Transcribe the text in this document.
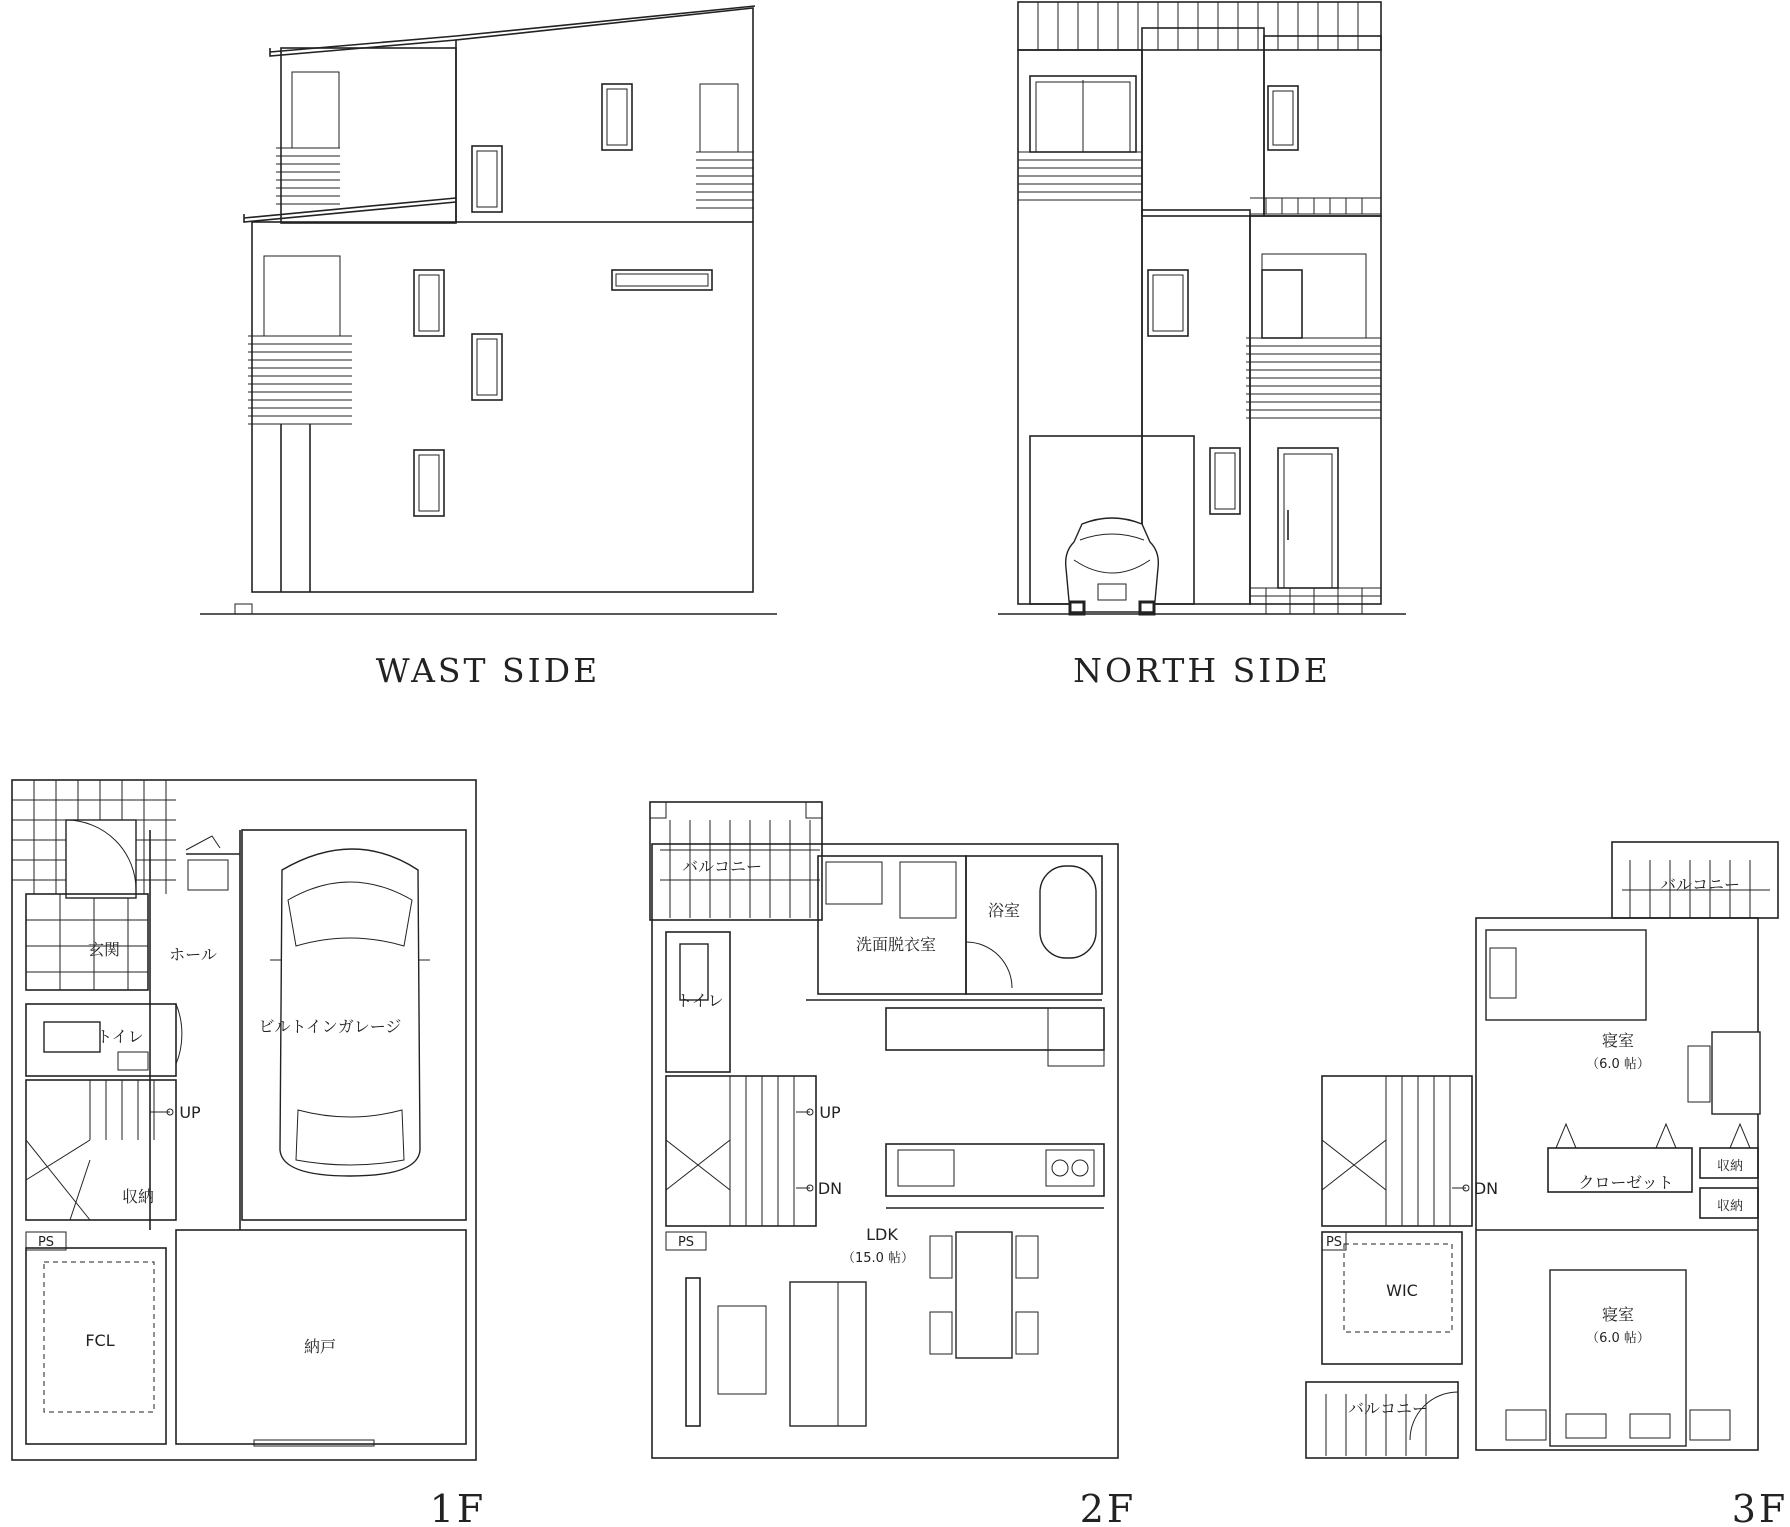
WAST SIDE	NORTH SIDE
玄関	ホール
トイレ
ビルトインガレージ
UP
収納
PS
FCL	納戸
1F
バルコニー
洗面脱衣室
浴室
トイレ
UP
DN
PS	LDK
（15.0 帖）
2F
バルコニー
寝室
（6.0 帖）
クローゼット
収納
収納
DN
PS
WIC
寝室
（6.0 帖）
バルコニー
3F
